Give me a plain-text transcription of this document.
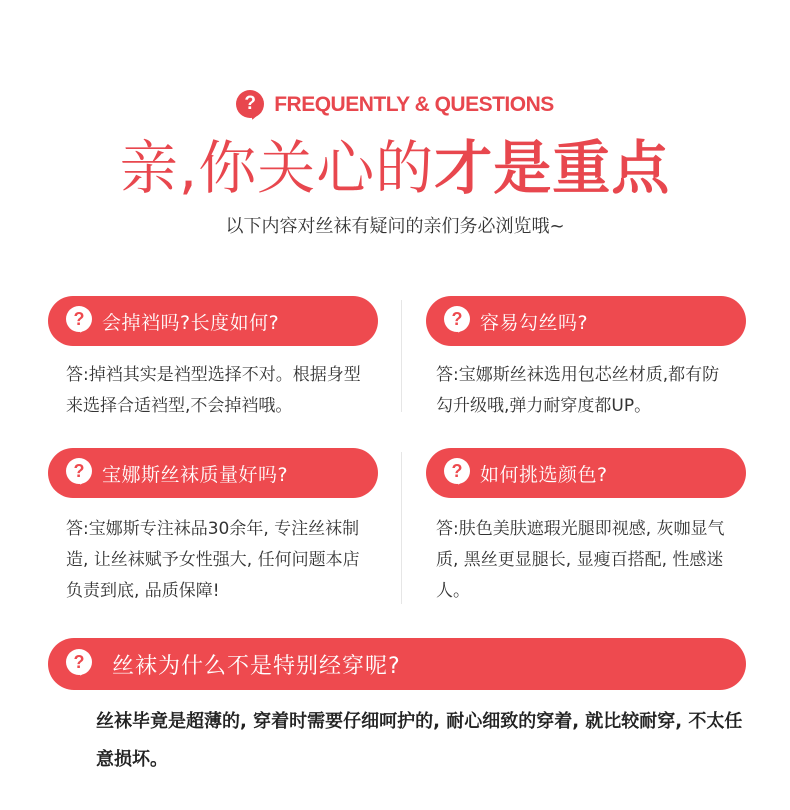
? FREQUENTLY & QUESTIONS
亲,你关心的才是重点
以下内容对丝袜有疑问的亲们务必浏览哦~
? 会掉裆吗?长度如何?
答:掉裆其实是裆型选择不对。根据身型来选择合适裆型,不会掉裆哦。
? 容易勾丝吗?
答:宝娜斯丝袜选用包芯丝材质,都有防勾升级哦,弹力耐穿度都UP。
? 宝娜斯丝袜质量好吗?
答:宝娜斯专注袜品30余年, 专注丝袜制造, 让丝袜赋予女性强大, 任何问题本店负责到底, 品质保障!
? 如何挑选颜色?
答:肤色美肤遮瑕光腿即视感, 灰咖显气质, 黑丝更显腿长, 显瘦百搭配, 性感迷人。
?	丝袜为什么不是特别经穿呢?
丝袜毕竟是超薄的, 穿着时需要仔细呵护的, 耐心细致的穿着, 就比较耐穿, 不太任意损坏。
